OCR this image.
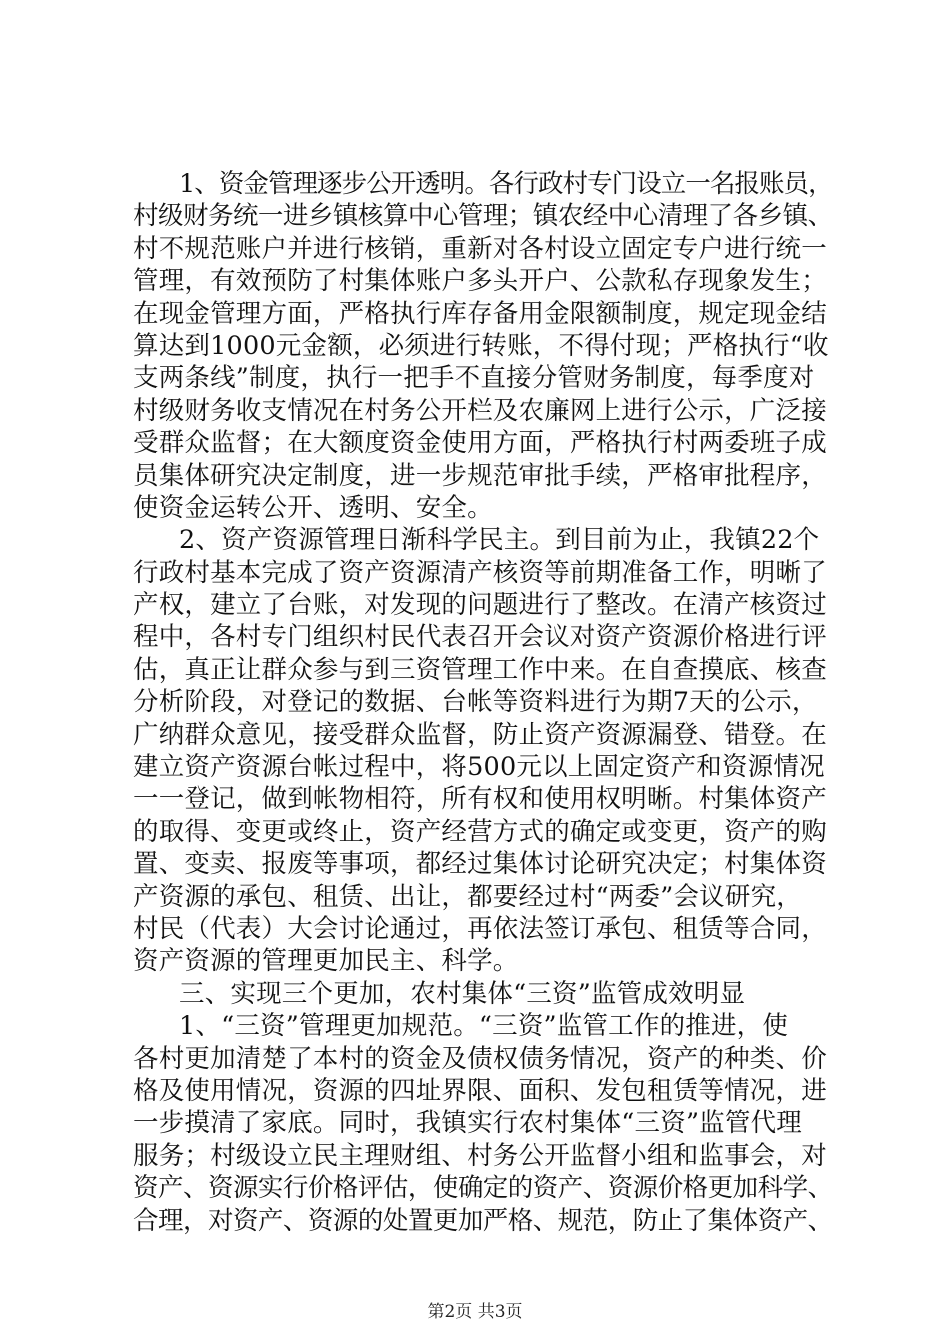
1、资金管理逐步公开透明。各行政村专门设立一名报账员，
村级财务统一进乡镇核算中心管理；镇农经中心清理了各乡镇、
村不规范账户并进行核销，重新对各村设立固定专户进行统一
管理，有效预防了村集体账户多头开户、公款私存现象发生；
在现金管理方面，严格执行库存备用金限额制度，规定现金结
算达到1000元金额，必须进行转账，不得付现；严格执行“收
支两条线”制度，执行一把手不直接分管财务制度，每季度对
村级财务收支情况在村务公开栏及农廉网上进行公示，广泛接
受群众监督；在大额度资金使用方面，严格执行村两委班子成
员集体研究决定制度，进一步规范审批手续，严格审批程序，
使资金运转公开、透明、安全。
2、资产资源管理日渐科学民主。到目前为止，我镇22个
行政村基本完成了资产资源清产核资等前期准备工作，明晰了
产权，建立了台账，对发现的问题进行了整改。在清产核资过
程中，各村专门组织村民代表召开会议对资产资源价格进行评
估，真正让群众参与到三资管理工作中来。在自查摸底、核查
分析阶段，对登记的数据、台帐等资料进行为期7天的公示，
广纳群众意见，接受群众监督，防止资产资源漏登、错登。在
建立资产资源台帐过程中，将500元以上固定资产和资源情况
一一登记，做到帐物相符，所有权和使用权明晰。村集体资产
的取得、变更或终止，资产经营方式的确定或变更，资产的购
置、变卖、报废等事项，都经过集体讨论研究决定；村集体资
产资源的承包、租赁、出让，都要经过村“两委”会议研究，
村民（代表）大会讨论通过，再依法签订承包、租赁等合同，
资产资源的管理更加民主、科学。
三、实现三个更加，农村集体“三资”监管成效明显
1、“三资”管理更加规范。“三资”监管工作的推进，使
各村更加清楚了本村的资金及债权债务情况，资产的种类、价
格及使用情况，资源的四址界限、面积、发包租赁等情况，进
一步摸清了家底。同时，我镇实行农村集体“三资”监管代理
服务；村级设立民主理财组、村务公开监督小组和监事会，对
资产、资源实行价格评估，使确定的资产、资源价格更加科学、
合理，对资产、资源的处置更加严格、规范，防止了集体资产、
第2页 共3页
